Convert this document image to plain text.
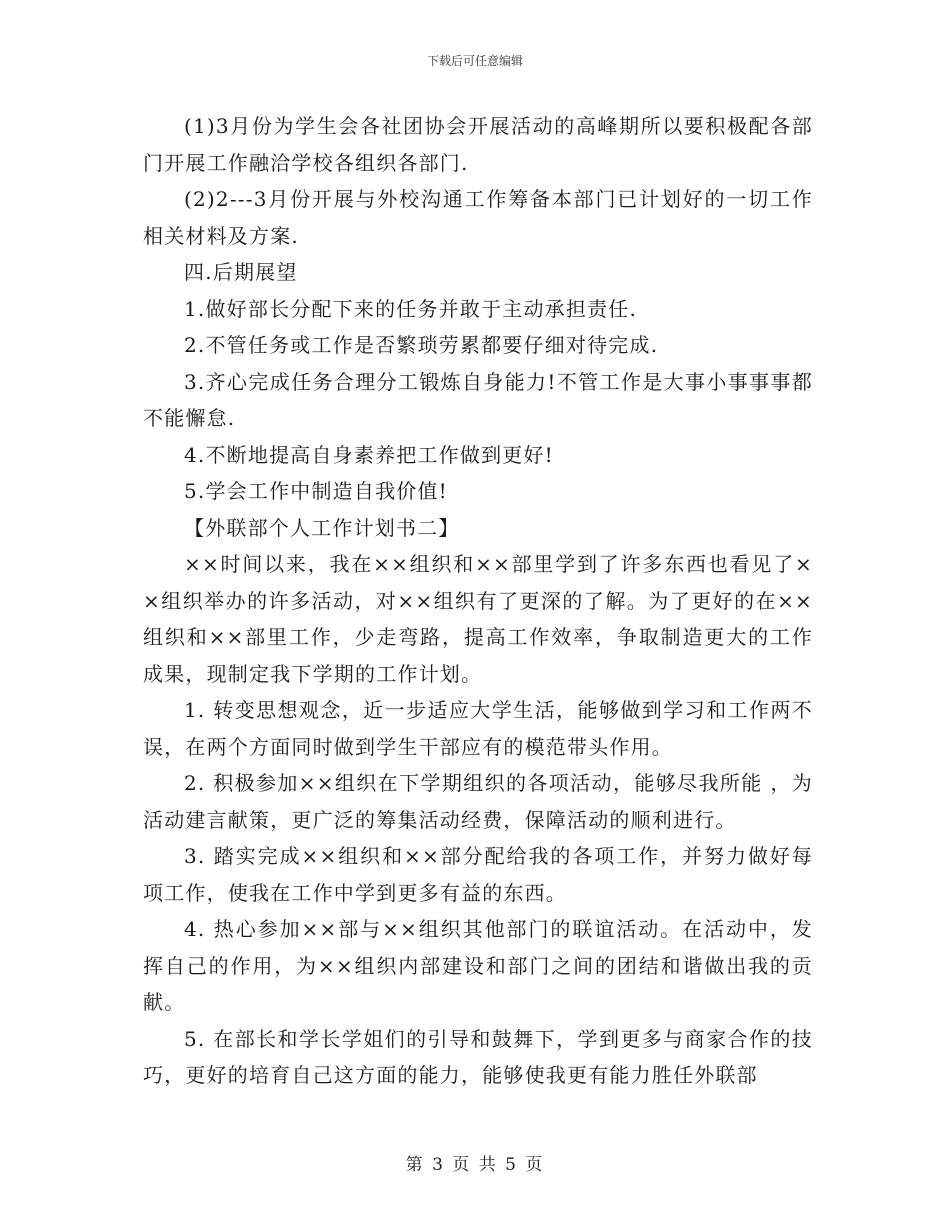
下载后可任意编辑

(1)3月份为学生会各社团协会开展活动的高峰期所以要积极配各部门开展工作融洽学校各组织各部门.

(2)2---3月份开展与外校沟通工作筹备本部门已计划好的一切工作相关材料及方案.

四.后期展望

1.做好部长分配下来的任务并敢于主动承担责任.

2.不管任务或工作是否繁琐劳累都要仔细对待完成.

3.齐心完成任务合理分工锻炼自身能力!不管工作是大事小事事事都不能懈怠.

4.不断地提高自身素养把工作做到更好!

5.学会工作中制造自我价值!

【外联部个人工作计划书二】

××时间以来，我在××组织和××部里学到了许多东西也看见了××组织举办的许多活动，对××组织有了更深的了解。为了更好的在××组织和××部里工作，少走弯路，提高工作效率，争取制造更大的工作成果，现制定我下学期的工作计划。

1. 转变思想观念，近一步适应大学生活，能够做到学习和工作两不误，在两个方面同时做到学生干部应有的模范带头作用。

2. 积极参加××组织在下学期组织的各项活动，能够尽我所能 ，为活动建言献策，更广泛的筹集活动经费，保障活动的顺利进行。

3. 踏实完成××组织和××部分配给我的各项工作，并努力做好每项工作，使我在工作中学到更多有益的东西。

4. 热心参加××部与××组织其他部门的联谊活动。在活动中，发挥自己的作用，为××组织内部建设和部门之间的团结和谐做出我的贡献。

5. 在部长和学长学姐们的引导和鼓舞下，学到更多与商家合作的技巧，更好的培育自己这方面的能力，能够使我更有能力胜任外联部

第 3 页 共 5 页
